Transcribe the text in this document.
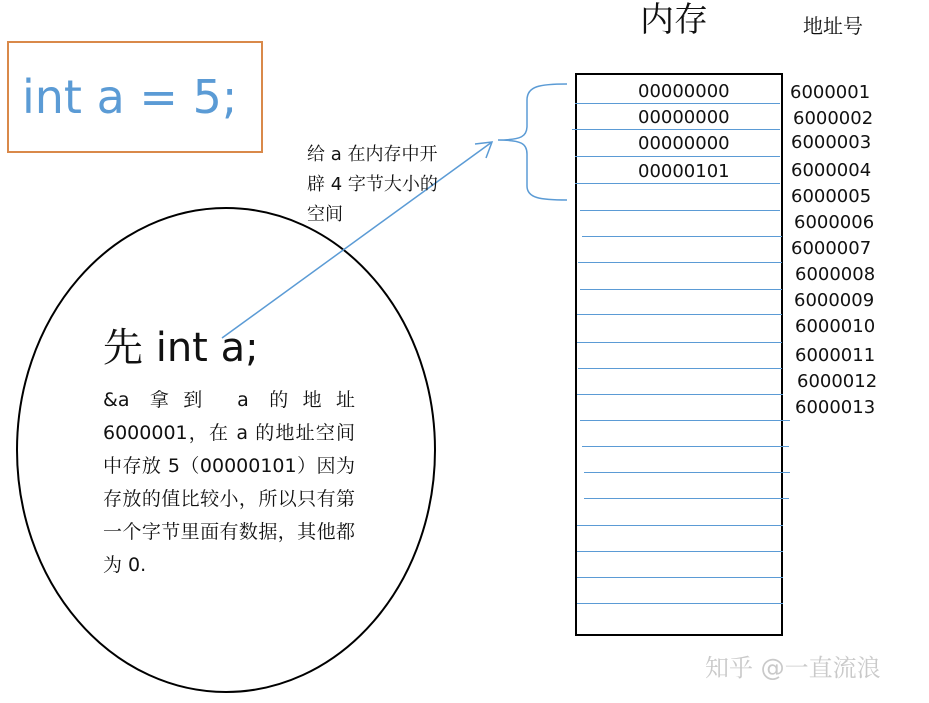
int a = 5;
内存	地址号
00000000
00000000
00000000
00000101
6000001
6000002
6000003
6000004
6000005
6000006
6000007
6000008
6000009
6000010
6000011
6000012
6000013
给 a 在内存中开辟 4 字节大小的空间
先 int a;
&a 拿到 a 的地址 6000001，在 a 的地址空间中存放 5（00000101）因为存放的值比较小，所以只有第一个字节里面有数据，其他都为 0.
知乎 @一直流浪
